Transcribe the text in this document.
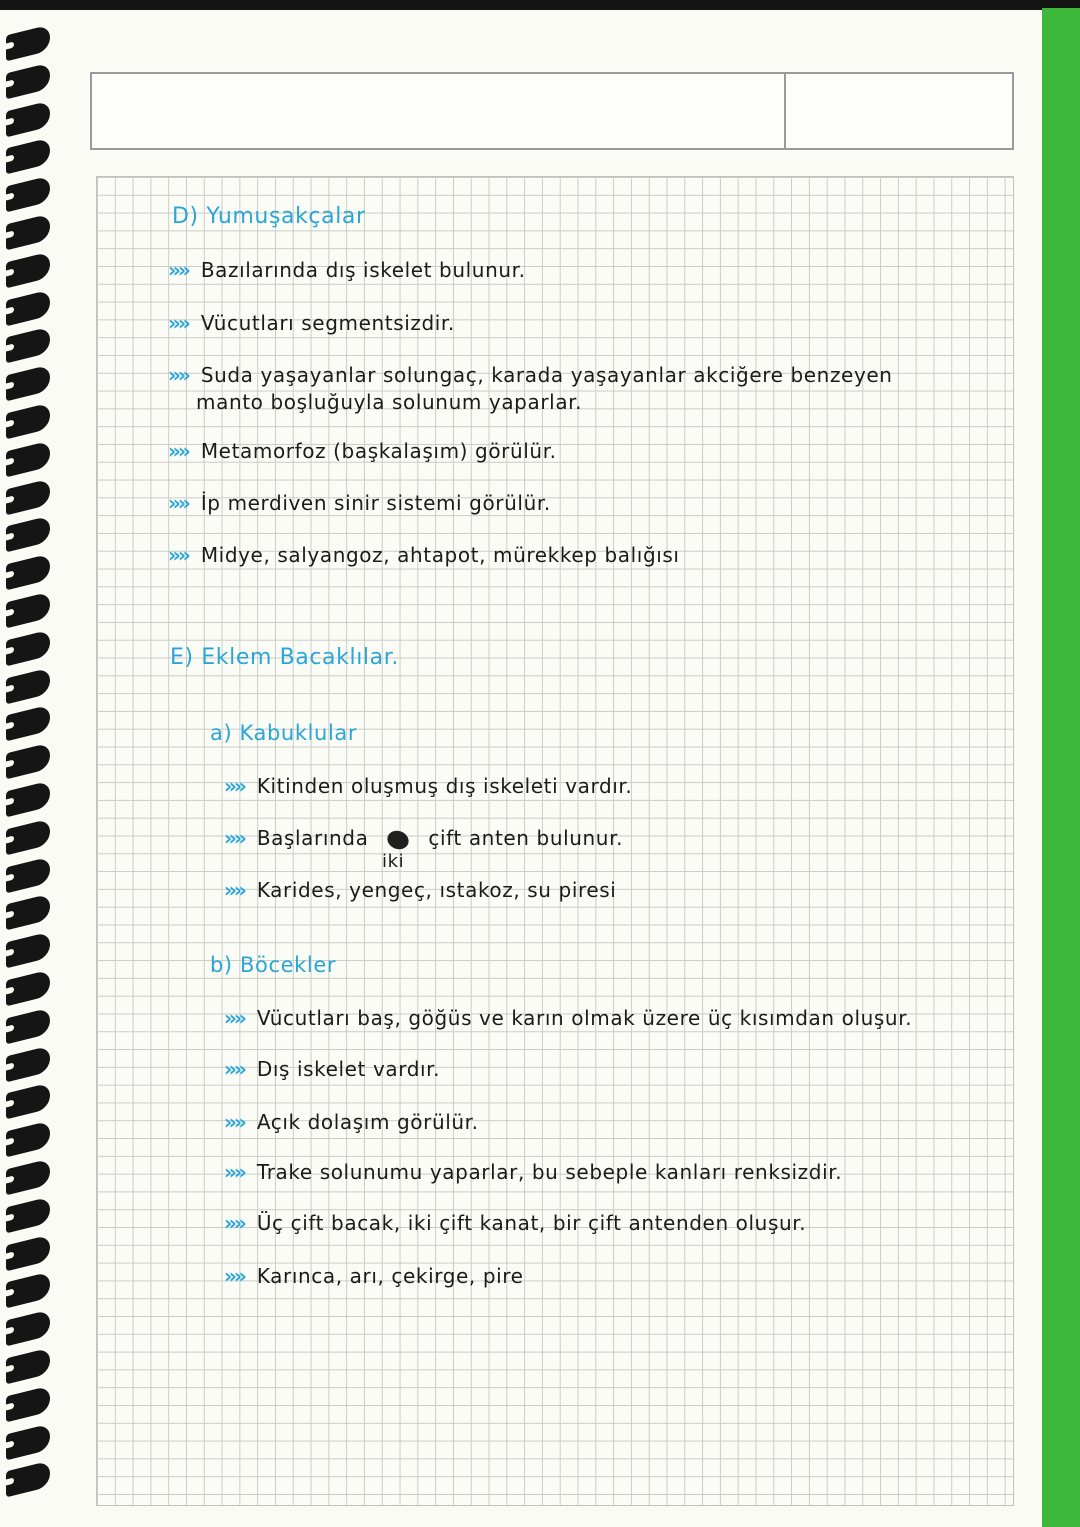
D) Yumuşakçalar
»» Bazılarında dış iskelet bulunur.
»» Vücutları segmentsizdir.
»» Suda yaşayanlar solungaç, karada yaşayanlar akciğere benzeyen
manto boşluğuyla solunum yaparlar.
»» Metamorfoz (başkalaşım) görülür.
»» İp merdiven sinir sistemi görülür.
»» Midye, salyangoz, ahtapot, mürekkep balığısı
E) Eklem Bacaklılar.
a) Kabuklular
»» Kitinden oluşmuş dış iskeleti vardır.
»» Başlarında	çift anten bulunur.
iki
»» Karides, yengeç, ıstakoz, su piresi
b) Böcekler
»» Vücutları baş, göğüs ve karın olmak üzere üç kısımdan oluşur.
»» Dış iskelet vardır.
»» Açık dolaşım görülür.
»» Trake solunumu yaparlar, bu sebeple kanları renksizdir.
»» Üç çift bacak, iki çift kanat, bir çift antenden oluşur.
»» Karınca, arı, çekirge, pire
